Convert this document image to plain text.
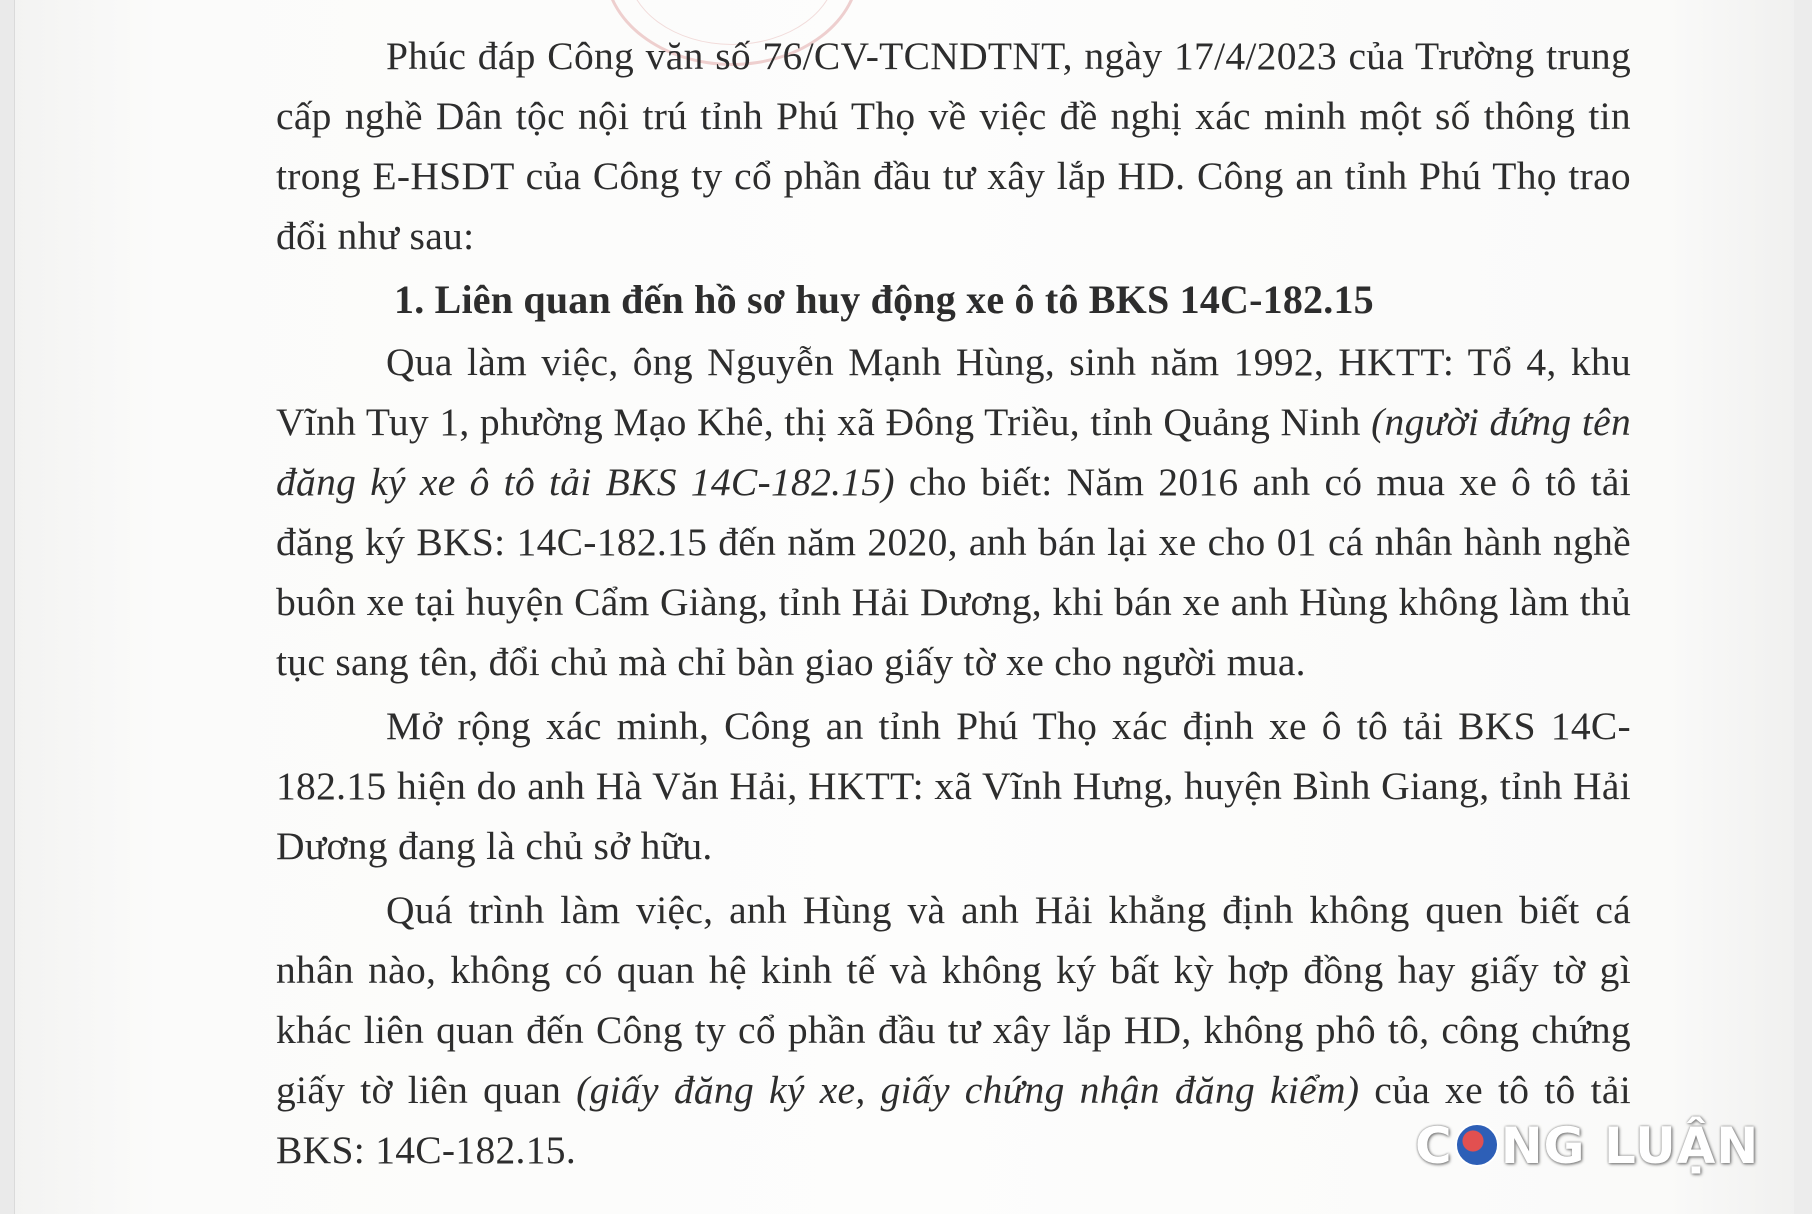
Phúc đáp Công văn số 76/CV-TCNDTNT, ngày 17/4/2023 của Trường trung cấp nghề Dân tộc nội trú tỉnh Phú Thọ về việc đề nghị xác minh một số thông tin trong E-HSDT của Công ty cổ phần đầu tư xây lắp HD. Công an tỉnh Phú Thọ trao đổi như sau:

1. Liên quan đến hồ sơ huy động xe ô tô BKS 14C-182.15

Qua làm việc, ông Nguyễn Mạnh Hùng, sinh năm 1992, HKTT: Tổ 4, khu Vĩnh Tuy 1, phường Mạo Khê, thị xã Đông Triều, tỉnh Quảng Ninh (người đứng tên đăng ký xe ô tô tải BKS 14C-182.15) cho biết: Năm 2016 anh có mua xe ô tô tải đăng ký BKS: 14C-182.15 đến năm 2020, anh bán lại xe cho 01 cá nhân hành nghề buôn xe tại huyện Cẩm Giàng, tỉnh Hải Dương, khi bán xe anh Hùng không làm thủ tục sang tên, đổi chủ mà chỉ bàn giao giấy tờ xe cho người mua.

Mở rộng xác minh, Công an tỉnh Phú Thọ xác định xe ô tô tải BKS 14C-182.15 hiện do anh Hà Văn Hải, HKTT: xã Vĩnh Hưng, huyện Bình Giang, tỉnh Hải Dương đang là chủ sở hữu.

Quá trình làm việc, anh Hùng và anh Hải khẳng định không quen biết cá nhân nào, không có quan hệ kinh tế và không ký bất kỳ hợp đồng hay giấy tờ gì khác liên quan đến Công ty cổ phần đầu tư xây lắp HD, không phô tô, công chứng giấy tờ liên quan (giấy đăng ký xe, giấy chứng nhận đăng kiểm) của xe tô tô tải BKS: 14C-182.15.	C NG LUẬN
